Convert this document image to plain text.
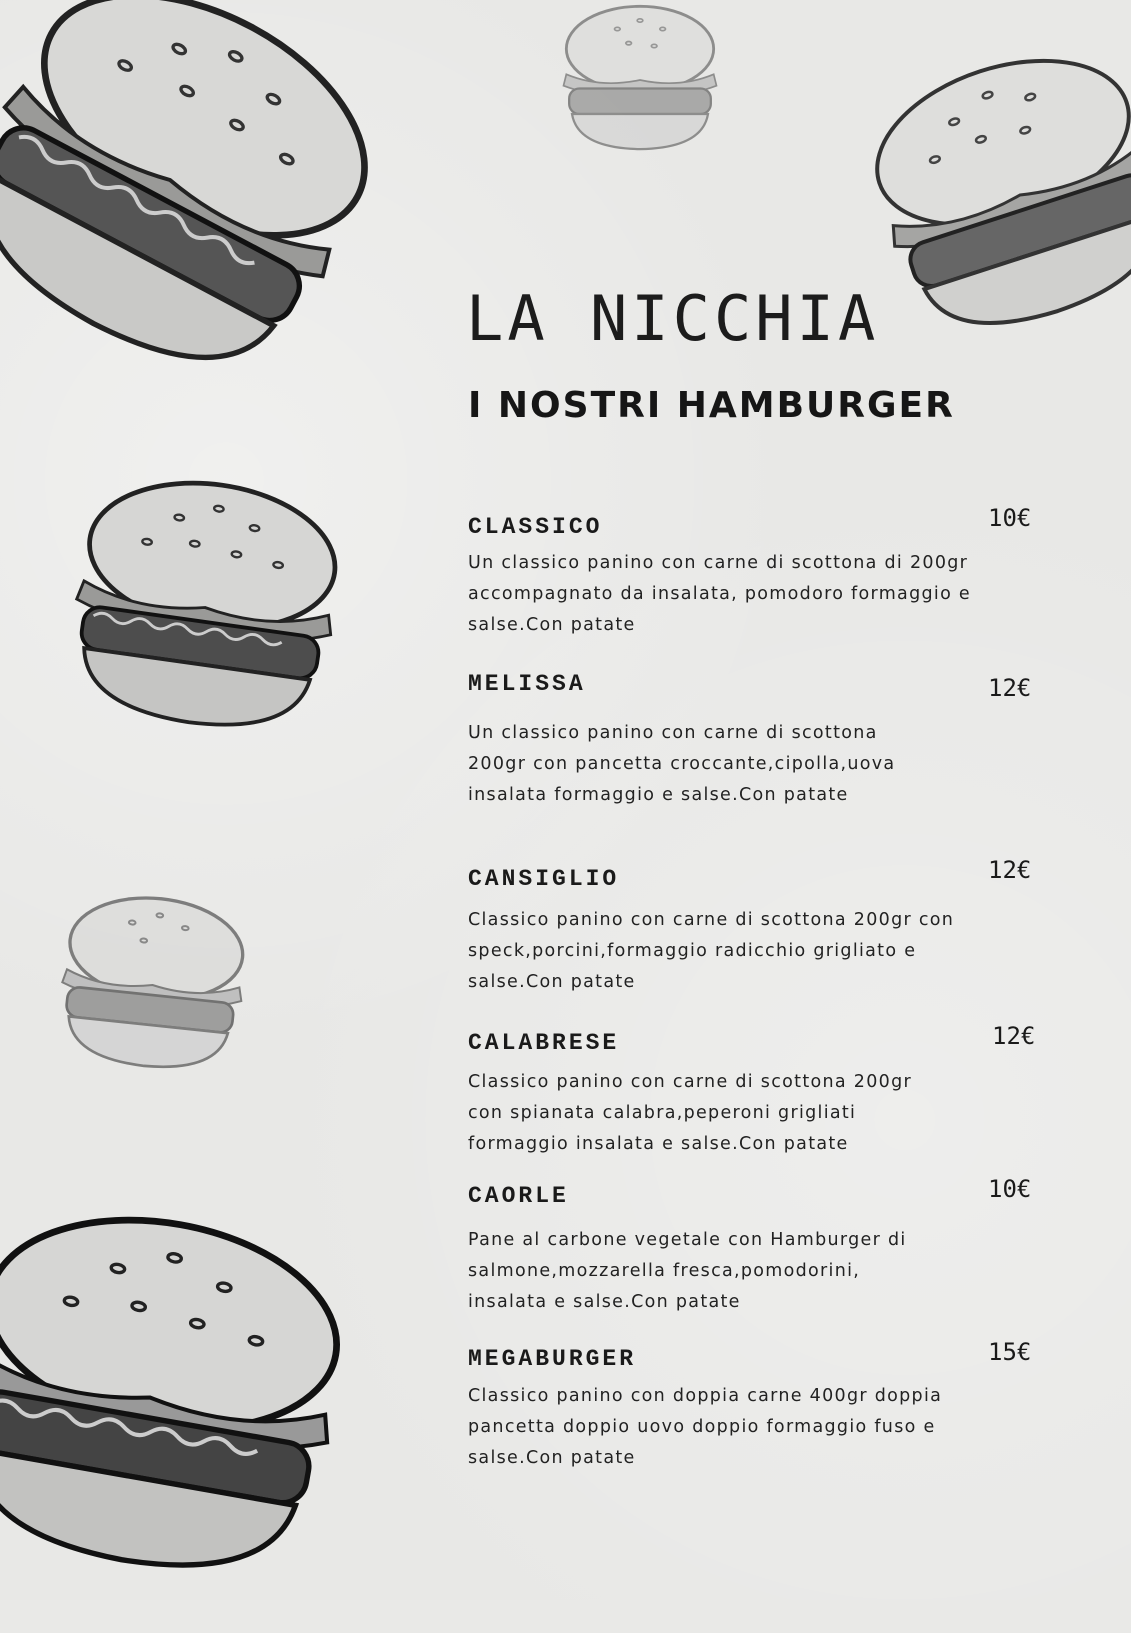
LA NICCHIA
I NOSTRI HAMBURGER

CLASSICO

Un classico panino con carne di scottona di 200gr accompagnato da insalata, pomodoro formaggio e salse.Con patate

10€

MELISSA

Un classico panino con carne di scottona 200gr con pancetta croccante,cipolla,uova insalata formaggio e salse.Con patate

12€

CANSIGLIO

Classico panino con carne di scottona 200gr con speck,porcini,formaggio radicchio grigliato e salse.Con patate

12€

CALABRESE

Classico panino con carne di scottona 200gr con spianata calabra,peperoni grigliati formaggio insalata e salse.Con patate

12€

CAORLE

Pane al carbone vegetale con Hamburger di salmone,mozzarella fresca,pomodorini, insalata e salse.Con patate

10€

MEGABURGER

Classico panino con doppia carne 400gr doppia pancetta doppio uovo doppio formaggio fuso e salse.Con patate

15€
